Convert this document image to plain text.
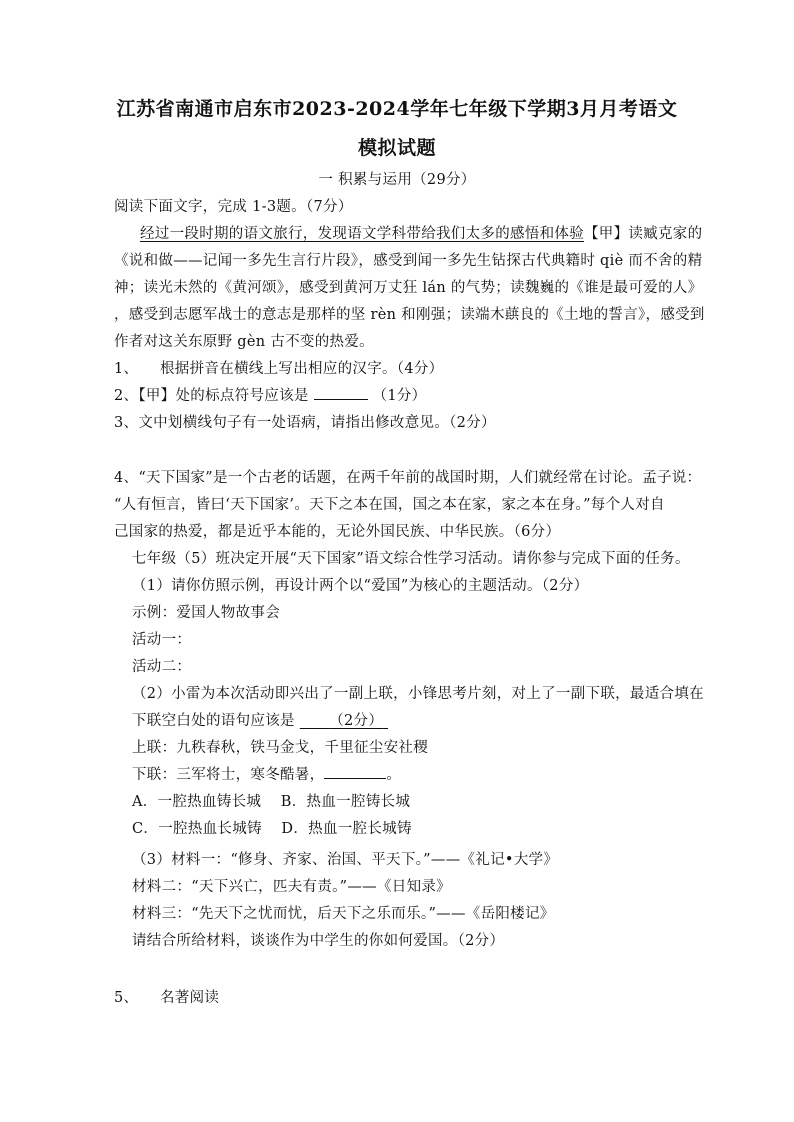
江苏省南通市启东市2023-2024学年七年级下学期3月月考语文
模拟试题
一 积累与运用（29分）
阅读下面文字，完成 1-3题。（7分）
经过一段时期的语文旅行，发现语文学科带给我们太多的感悟和体验【甲】读臧克家的
《说和做——记闻一多先生言行片段》，感受到闻一多先生钻探古代典籍时 qiè 而不舍的精
神；读光未然的《黄河颂》，感受到黄河万丈狂 lán 的气势；读魏巍的《谁是最可爱的人》
，感受到志愿军战士的意志是那样的坚 rèn 和刚强；读端木蕻良的《土地的誓言》，感受到
作者对这关东原野 gèn 古不变的热爱。
1、 根据拼音在横线上写出相应的汉字。（4分）
2、【甲】处的标点符号应该是	（1分）
3、文中划横线句子有一处语病，请指出修改意见。（2分）
4、“天下国家”是一个古老的话题，在两千年前的战国时期，人们就经常在讨论。孟子说：
“人有恒言，皆曰‘天下国家’。天下之本在国，国之本在家，家之本在身。”每个人对自
己国家的热爱，都是近乎本能的，无论外国民族、中华民族。（6分）
七年级（5）班决定开展“天下国家”语文综合性学习活动。请你参与完成下面的任务。
（1）请你仿照示例，再设计两个以“爱国”为核心的主题活动。（2分）
示例：爱国人物故事会
活动一：
活动二：
（2）小雷为本次活动即兴出了一副上联，小锋思考片刻，对上了一副下联，最适合填在
下联空白处的语句应该是 （2分）
上联：九秩春秋，铁马金戈，千里征尘安社稷
下联：三军将士，寒冬酷暑，	。
A．一腔热血铸长城    B．热血一腔铸长城
C．一腔热血长城铸    D．热血一腔长城铸
（3）材料一：“修身、齐家、治国、平天下。”——《礼记•大学》
材料二：“天下兴亡，匹夫有责。”——《日知录》
材料三：“先天下之忧而忧，后天下之乐而乐。”——《岳阳楼记》
请结合所给材料，谈谈作为中学生的你如何爱国。（2分）
5、 名著阅读
